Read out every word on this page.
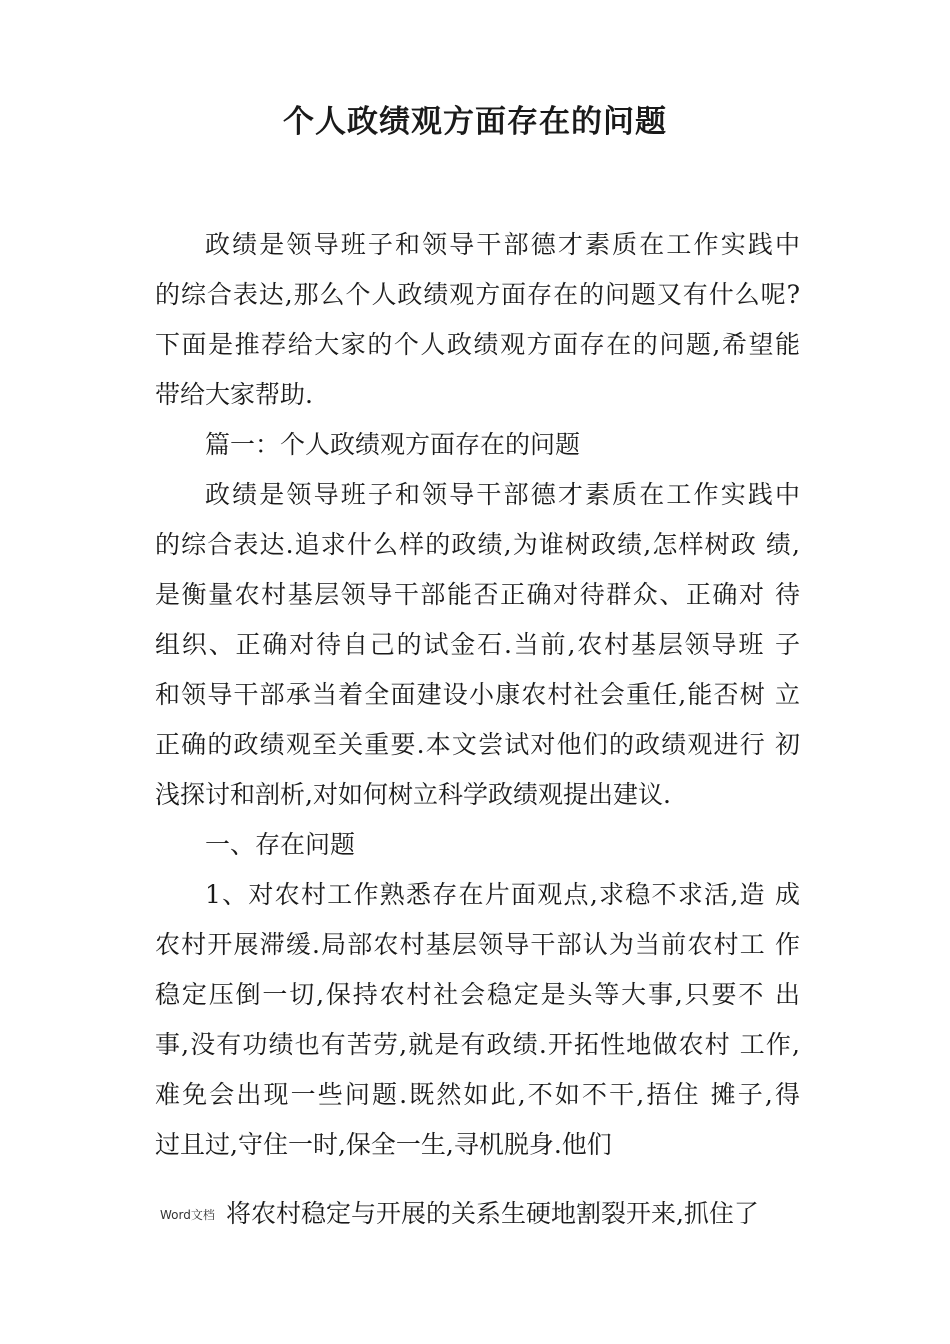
个人政绩观方面存在的问题
政绩是领导班子和领导干部德才素质在工作实践中
的综合表达,那么个人政绩观方面存在的问题又有什么呢?
下面是推荐给大家的个人政绩观方面存在的问题,希望能
带给大家帮助.
篇一：个人政绩观方面存在的问题
政绩是领导班子和领导干部德才素质在工作实践中
的综合表达.追求什么样的政绩,为谁树政绩,怎样树政 绩,
是衡量农村基层领导干部能否正确对待群众、正确对 待
组织、正确对待自己的试金石.当前,农村基层领导班 子
和领导干部承当着全面建设小康农村社会重任,能否树 立
正确的政绩观至关重要.本文尝试对他们的政绩观进行 初
浅探讨和剖析,对如何树立科学政绩观提出建议.
一、存在问题
1、对农村工作熟悉存在片面观点,求稳不求活,造 成
农村开展滞缓.局部农村基层领导干部认为当前农村工 作
稳定压倒一切,保持农村社会稳定是头等大事,只要不 出
事,没有功绩也有苦劳,就是有政绩.开拓性地做农村 工作,
难免会出现一些问题.既然如此,不如不干,捂住 摊子,得
过且过,守住一时,保全一生,寻机脱身.他们
Word文档 将农村稳定与开展的关系生硬地割裂开来,抓住了
